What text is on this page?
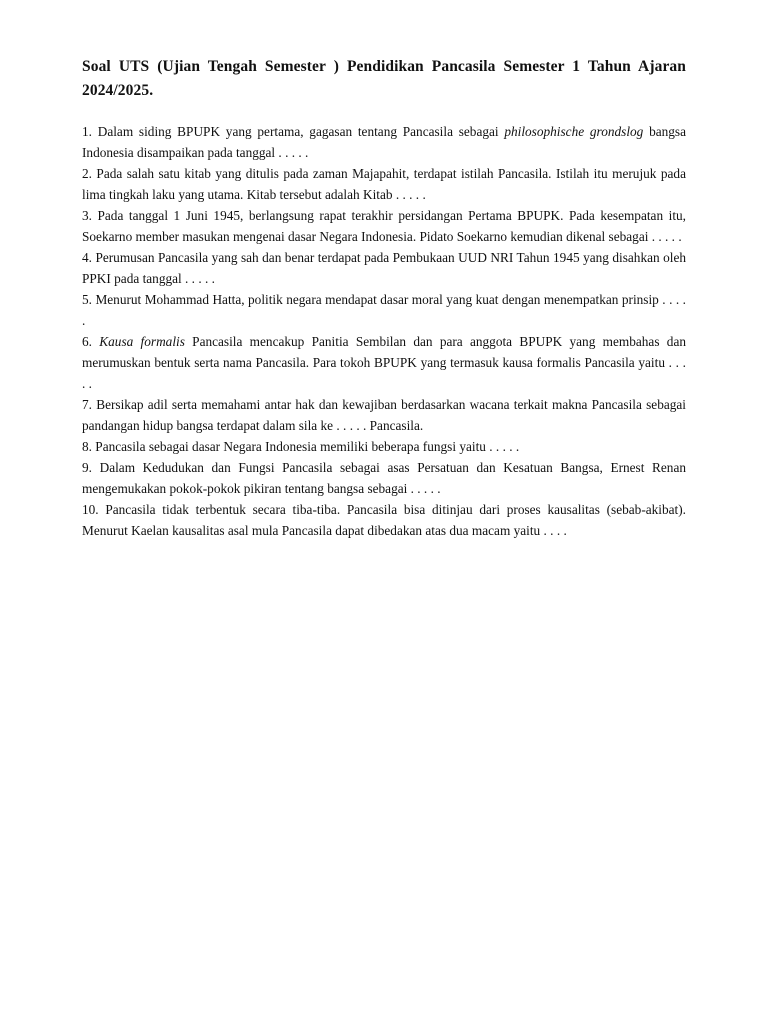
Soal UTS (Ujian Tengah Semester ) Pendidikan Pancasila Semester 1 Tahun Ajaran 2024/2025.

1. Dalam siding BPUPK yang pertama, gagasan tentang Pancasila sebagai philosophische grondslog bangsa Indonesia disampaikan pada tanggal . . . . .

2. Pada salah satu kitab yang ditulis pada zaman Majapahit, terdapat istilah Pancasila. Istilah itu merujuk pada lima tingkah laku yang utama. Kitab tersebut adalah Kitab . . . . .

3. Pada tanggal 1 Juni 1945, berlangsung rapat terakhir persidangan Pertama BPUPK. Pada kesempatan itu, Soekarno member masukan mengenai dasar Negara Indonesia. Pidato Soekarno kemudian dikenal sebagai . . . . .

4. Perumusan Pancasila yang sah dan benar terdapat pada Pembukaan UUD NRI Tahun 1945 yang disahkan oleh PPKI pada tanggal . . . . .

5. Menurut Mohammad Hatta, politik negara mendapat dasar moral yang kuat dengan menempatkan prinsip . . . . .

6. Kausa formalis Pancasila mencakup Panitia Sembilan dan para anggota BPUPK yang membahas dan merumuskan bentuk serta nama Pancasila. Para tokoh BPUPK yang termasuk kausa formalis Pancasila yaitu . . . . .

7. Bersikap adil serta memahami antar hak dan kewajiban berdasarkan wacana terkait makna Pancasila sebagai pandangan hidup bangsa terdapat dalam sila ke . . . . . Pancasila.

8. Pancasila sebagai dasar Negara Indonesia memiliki beberapa fungsi yaitu . . . . .

9. Dalam Kedudukan dan Fungsi Pancasila sebagai asas Persatuan dan Kesatuan Bangsa, Ernest Renan mengemukakan pokok-pokok pikiran tentang bangsa sebagai . . . . .

10. Pancasila tidak terbentuk secara tiba-tiba. Pancasila bisa ditinjau dari proses kausalitas (sebab-akibat). Menurut Kaelan kausalitas asal mula Pancasila dapat dibedakan atas dua macam yaitu . . . .
